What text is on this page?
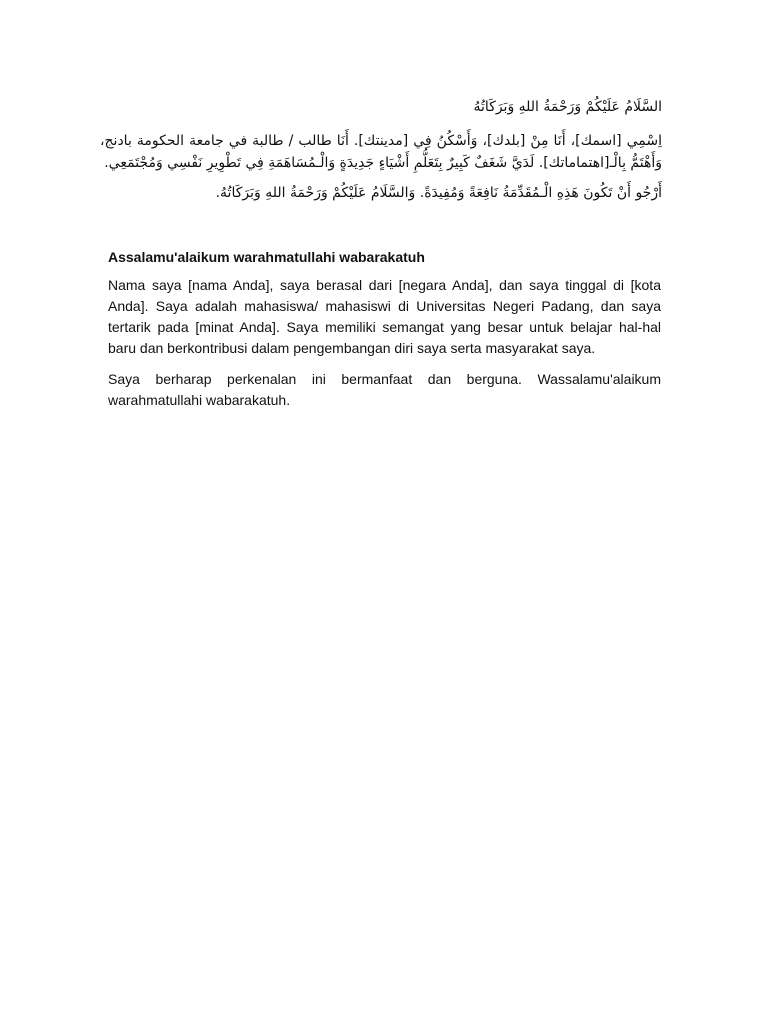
السَّلَامُ عَلَيْكُمْ وَرَحْمَةُ اللهِ وَبَرَكَاتُهُ
اِسْمِي [اسمك]، أَنَا مِنْ [بلدك]، وَأَسْكُنُ فِي [مدينتك]. أَنَا طالب / طالبة في جامعة الحكومة بادنج، وَأَهْتَمُّ بِالْـ[اهتماماتك]. لَدَيَّ شَغَفٌ كَبِيرٌ بِتَعَلُّمِ أَشْيَاءٍ جَدِيدَةٍ وَالْـمُسَاهَمَةِ فِي تَطْوِيرِ نَفْسِي وَمُجْتَمَعِي.
أَرْجُو أَنْ تَكُونَ هَذِهِ الْـمُقَدِّمَةُ نَافِعَةً وَمُفِيدَةً. وَالسَّلَامُ عَلَيْكُمْ وَرَحْمَةُ اللهِ وَبَرَكَاتُهُ.
Assalamu'alaikum warahmatullahi wabarakatuh
Nama saya [nama Anda], saya berasal dari [negara Anda], dan saya tinggal di [kota Anda]. Saya adalah mahasiswa/ mahasiswi di Universitas Negeri Padang, dan saya tertarik pada [minat Anda]. Saya memiliki semangat yang besar untuk belajar hal-hal baru dan berkontribusi dalam pengembangan diri saya serta masyarakat saya.
Saya berharap perkenalan ini bermanfaat dan berguna. Wassalamu'alaikum warahmatullahi wabarakatuh.
